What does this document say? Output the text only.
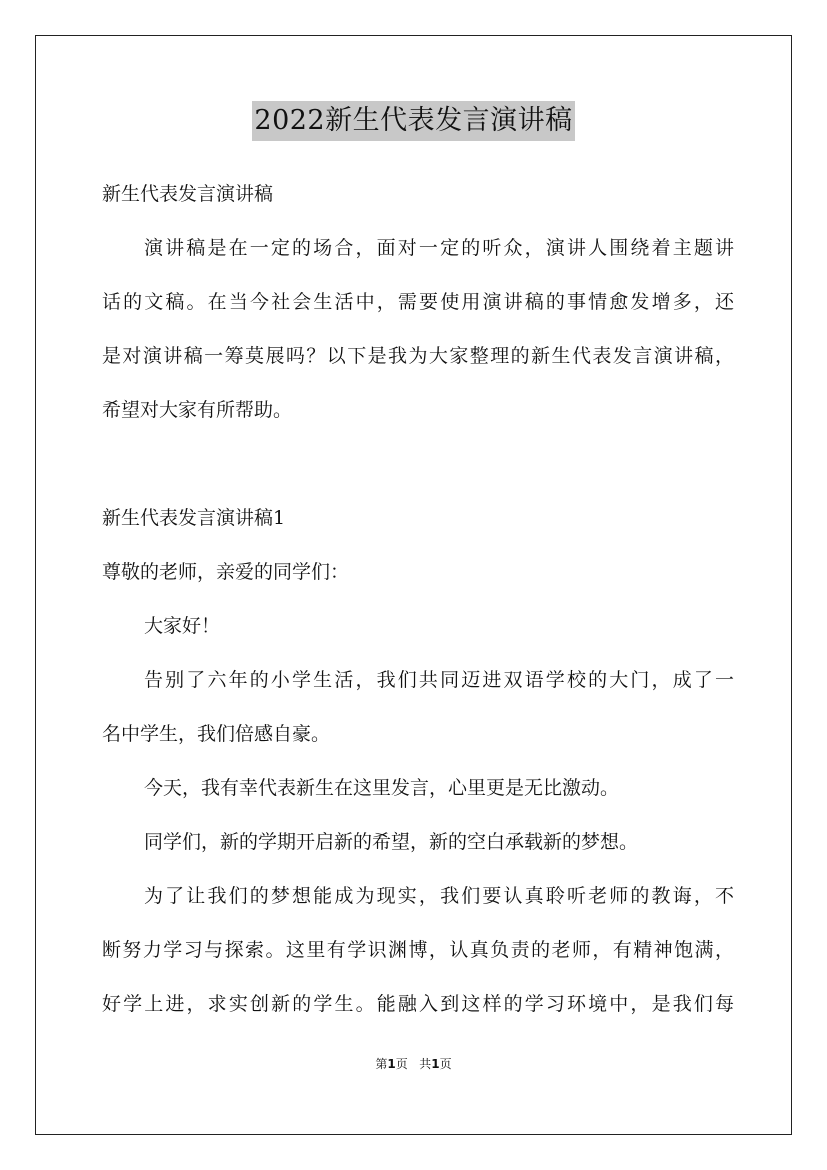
2022新生代表发言演讲稿
新生代表发言演讲稿
演讲稿是在一定的场合，面对一定的听众，演讲人围绕着主题讲
话的文稿。在当今社会生活中，需要使用演讲稿的事情愈发增多，还
是对演讲稿一筹莫展吗？以下是我为大家整理的新生代表发言演讲稿，
希望对大家有所帮助。
新生代表发言演讲稿1
尊敬的老师，亲爱的同学们：
大家好！
告别了六年的小学生活，我们共同迈进双语学校的大门，成了一
名中学生，我们倍感自豪。
今天，我有幸代表新生在这里发言，心里更是无比激动。
同学们，新的学期开启新的希望，新的空白承载新的梦想。
为了让我们的梦想能成为现实，我们要认真聆听老师的教诲，不
断努力学习与探索。这里有学识渊博，认真负责的老师，有精神饱满，
好学上进，求实创新的学生。能融入到这样的学习环境中，是我们每
第1页 共1页
